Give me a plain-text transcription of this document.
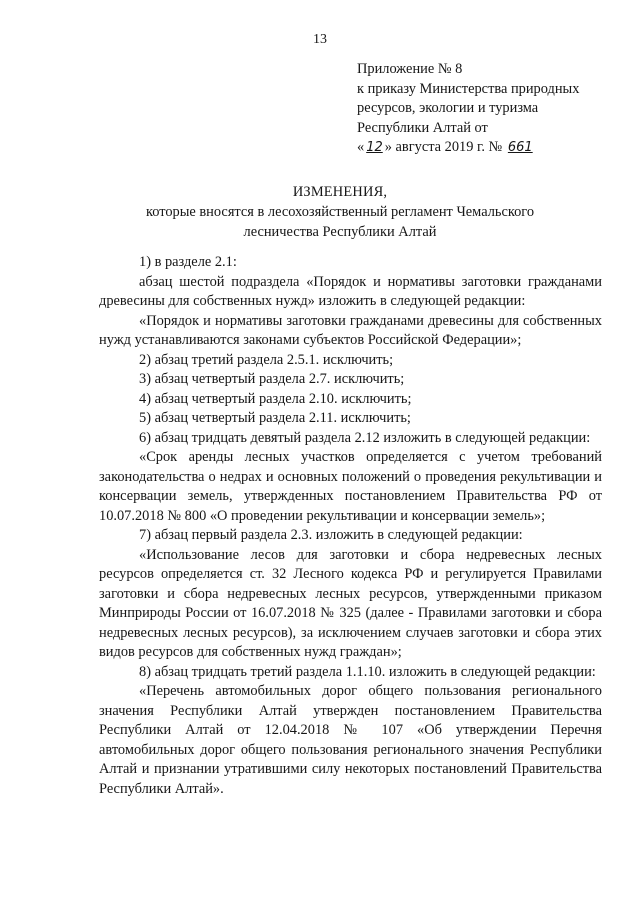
13
Приложение № 8
к приказу Министерства природных
ресурсов, экологии и туризма
Республики Алтай от
« 12 » августа 2019 г. № 661
ИЗМЕНЕНИЯ,
которые вносятся в лесохозяйственный регламент Чемальского
лесничества Республики Алтай

1) в разделе 2.1:

абзац шестой подраздела «Порядок и нормативы заготовки гражданами древесины для собственных нужд» изложить в следующей редакции:

«Порядок и нормативы заготовки гражданами древесины для собственных нужд устанавливаются законами субъектов Российской Федерации»;

2) абзац третий раздела 2.5.1. исключить;

3) абзац четвертый раздела 2.7. исключить;

4) абзац четвертый раздела 2.10. исключить;

5) абзац четвертый раздела 2.11. исключить;

6) абзац тридцать девятый раздела 2.12 изложить в следующей редакции:

«Срок аренды лесных участков определяется с учетом требований законодательства о недрах и основных положений о проведения рекультивации и консервации земель, утвержденных постановлением Правительства РФ от 10.07.2018 № 800 «О проведении рекультивации и консервации земель»;

7) абзац первый раздела 2.3. изложить в следующей редакции:

«Использование лесов для заготовки и сбора недревесных лесных ресурсов определяется ст. 32 Лесного кодекса РФ и регулируется Правилами заготовки и сбора недревесных лесных ресурсов, утвержденными приказом Минприроды России от 16.07.2018 № 325 (далее - Правилами заготовки и сбора недревесных лесных ресурсов), за исключением случаев заготовки и сбора этих видов ресурсов для собственных нужд граждан»;

8) абзац тридцать третий раздела 1.1.10. изложить в следующей редакции:

«Перечень автомобильных дорог общего пользования регионального значения Республики Алтай утвержден постановлением Правительства Республики Алтай от 12.04.2018 № 107 «Об утверждении Перечня автомобильных дорог общего пользования регионального значения Республики Алтай и признании утратившими силу некоторых постановлений Правительства Республики Алтай».
